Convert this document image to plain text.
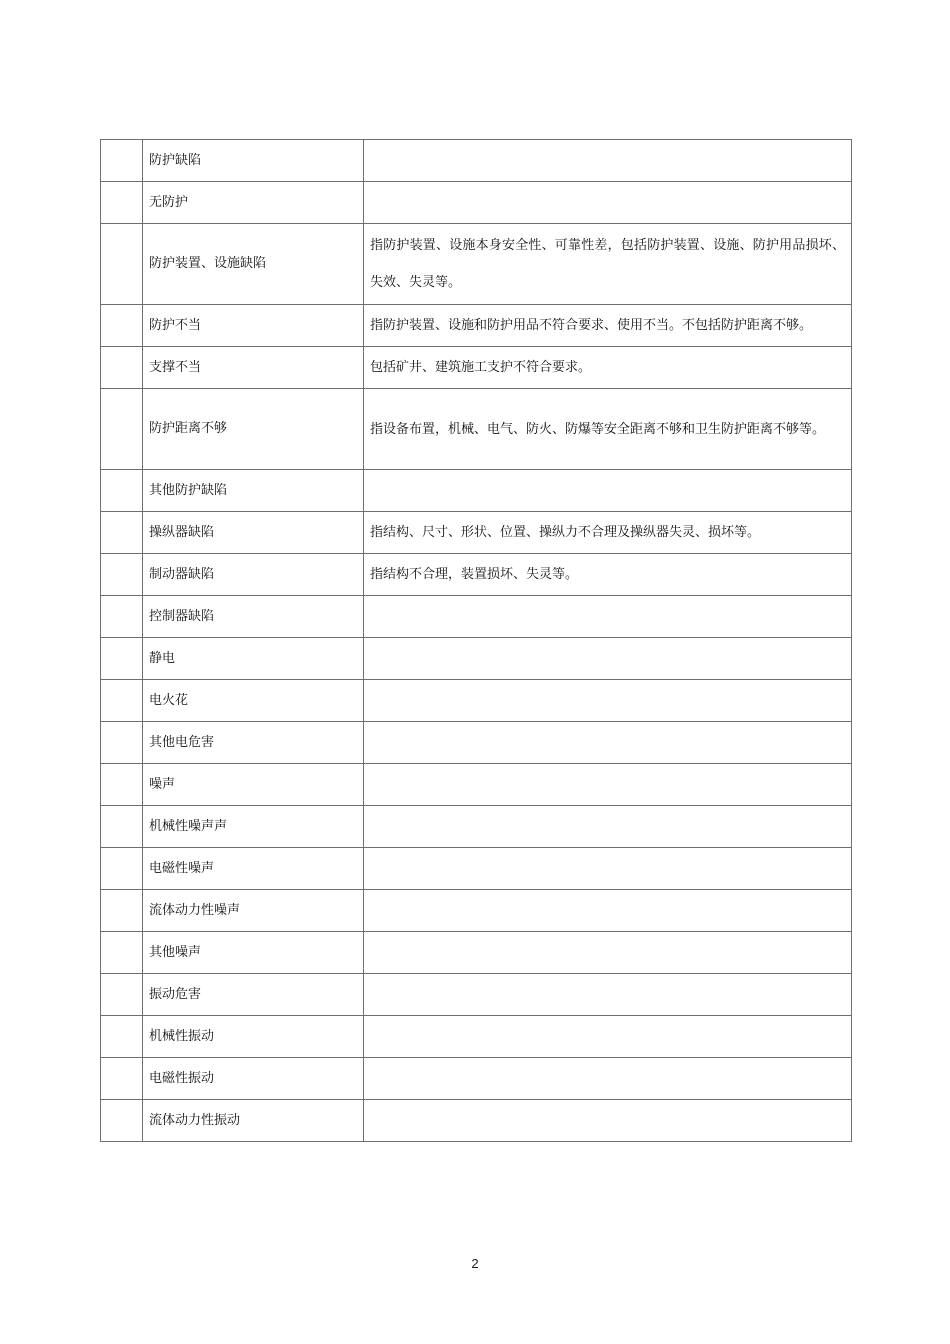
	防护缺陷	
	无防护	
	防护装置、设施缺陷	指防护装置、设施本身安全性、可靠性差，包括防护装置、设施、防护用品损坏、失效、失灵等。
	防护不当	指防护装置、设施和防护用品不符合要求、使用不当。不包括防护距离不够。
	支撑不当	包括矿井、建筑施工支护不符合要求。
	防护距离不够	指设备布置，机械、电气、防火、防爆等安全距离不够和卫生防护距离不够等。
	其他防护缺陷	
	操纵器缺陷	指结构、尺寸、形状、位置、操纵力不合理及操纵器失灵、损坏等。
	制动器缺陷	指结构不合理，装置损坏、失灵等。
	控制器缺陷	
	静电	
	电火花	
	其他电危害	
	噪声	
	机械性噪声声	
	电磁性噪声	
	流体动力性噪声	
	其他噪声	
	振动危害	
	机械性振动	
	电磁性振动	
	流体动力性振动	
2
